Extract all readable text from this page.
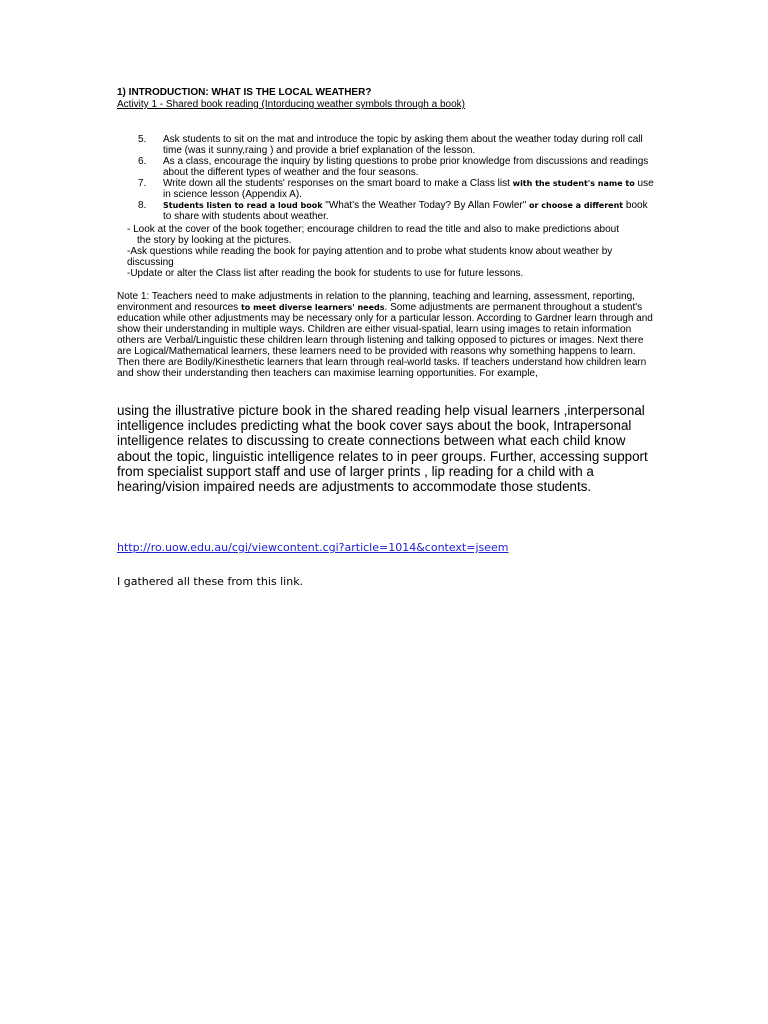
1) INTRODUCTION: WHAT IS THE LOCAL WEATHER?
Activity 1 - Shared book reading (Intorducing weather symbols through a book)
5. Ask students to sit on the mat and introduce the topic by asking them about the weather today during roll call time (was it sunny,raing ) and provide a brief explanation of the lesson.
6. As a class, encourage the inquiry by listing questions to probe prior knowledge from discussions and readings about the different types of weather and the four seasons.
7. Write down all the students' responses on the smart board to make a Class list with the student's name to use in science lesson (Appendix A).
8. Students listen to read a loud book "What's the Weather Today? By Allan Fowler" or choose a different book to share with students about weather.
- Look at the cover of the book together; encourage children to read the title and also to make predictions about
the story by looking at the pictures.
-Ask questions while reading the book for paying attention and to probe what students know about weather by discussing
-Update or alter the Class list after reading the book for students to use for future lessons.

Note 1: Teachers need to make adjustments in relation to the planning, teaching and learning, assessment, reporting, environment and resources to meet diverse learners' needs. Some adjustments are permanent throughout a student's education while other adjustments may be necessary only for a particular lesson. According to Gardner learn through and show their understanding in multiple ways. Children are either visual-spatial, learn using images to retain information others are Verbal/Linguistic these children learn through listening and talking opposed to pictures or images. Next there are Logical/Mathematical learners, these learners need to be provided with reasons why something happens to learn. Then there are Bodily/Kinesthetic learners that learn through real-world tasks. If teachers understand how children learn and show their understanding then teachers can maximise learning opportunities. For example,

using the illustrative picture book in the shared reading help visual learners ,interpersonal intelligence includes predicting what the book cover says about the book, Intrapersonal intelligence relates to discussing to create connections between what each child know about the topic, linguistic intelligence relates to in peer groups. Further, accessing support from specialist support staff and use of larger prints , lip reading for a child with a hearing/vision impaired needs are adjustments to accommodate those students.

http://ro.uow.edu.au/cgi/viewcontent.cgi?article=1014&context=jseem
I gathered all these from this link.
